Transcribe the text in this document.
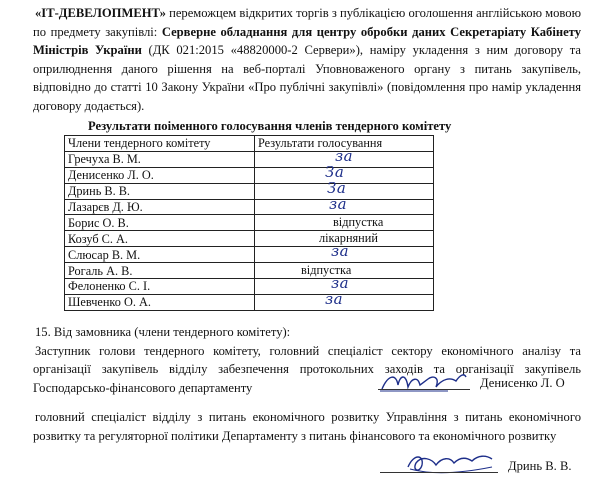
«ІТ-ДЕВЕЛОПМЕНТ» переможцем відкритих торгів з публікацією оголошення англійською мовою по предмету закупівлі: Серверне обладнання для центру обробки даних Секретаріату Кабінету Міністрів України (ДК 021:2015 «48820000-2 Сервери»), наміру укладення з ним договору та оприлюднення даного рішення на веб-порталі Уповноваженого органу з питань закупівель, відповідно до статті 10 Закону України «Про публічні закупівлі» (повідомлення про намір укладення договору додається).
Результати поіменного голосування членів тендерного комітету
Члени тендерного комітету	Результати голосування
Гречуха В. М.	за

Денисенко Л. О.	За

Дринь В. В.	За

Лазарєв Д. Ю.	за

Борис О. В.	відпустка

Козуб С. А.	лікарняний

Слюсар В. М.	за

Рогаль А. В.	відпустка

Фелоненко С. І.	за

Шевченко О. А.	за
15. Від замовника (члени тендерного комітету):
Заступник голови тендерного комітету, головний спеціаліст сектору економічного аналізу та організації закупівель відділу забезпечення протокольних заходів та організації закупівель Господарсько-фінансового департаменту	Денисенко Л. О
головний спеціаліст відділу з питань економічного розвитку Управління з питань економічного розвитку та регуляторної політики Департаменту з питань фінансового та економічного розвитку
Дринь В. В.
